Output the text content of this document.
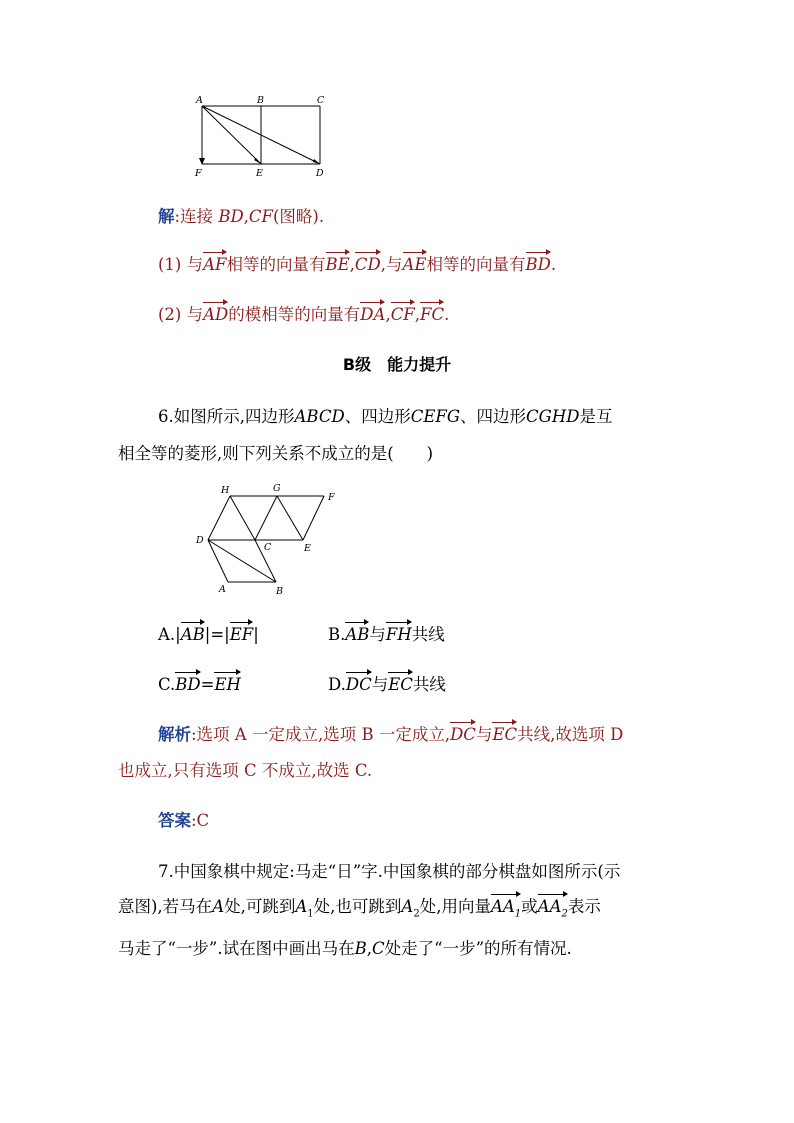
A	B	C
F	E	D
解:连接 BD,CF(图略).
(1) 与AF相等的向量有BE,CD,与AE相等的向量有BD.
(2) 与AD的模相等的向量有DA,CF,FC.
B级　能力提升
6.如图所示,四边形ABCD、四边形CEFG、四边形CGHD是互
相全等的菱形,则下列关系不成立的是(　　)
H	G
F
D
C	E
A	B
A.|AB|=|EF|	B.AB与FH共线
C.BD=EH	D.DC与EC共线
解析:选项 A 一定成立,选项 B 一定成立,DC与EC共线,故选项 D
也成立,只有选项 C 不成立,故选 C.
答案:C
7.中国象棋中规定:马走“日”字.中国象棋的部分棋盘如图所示(示
意图),若马在A处,可跳到$A_1$处,也可跳到$A_2$处,用向量$AA_1$或$AA_2$表示
马走了“一步”.试在图中画出马在B,C处走了“一步”的所有情况.
